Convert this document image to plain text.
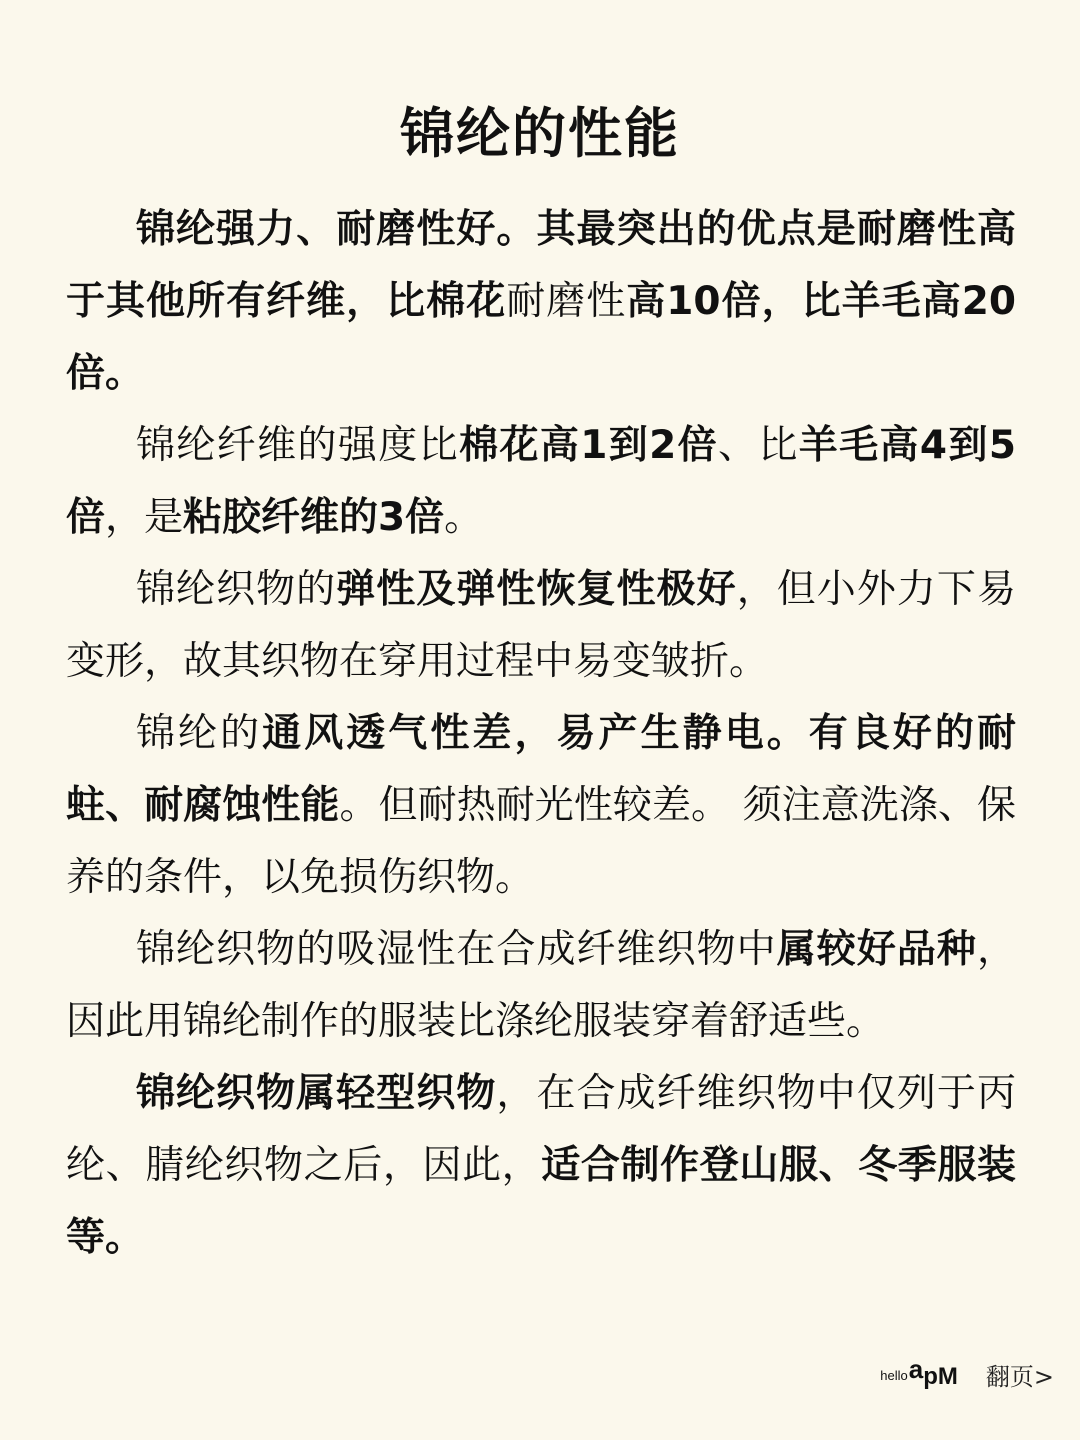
锦纶的性能

锦纶强力、耐磨性好。其最突出的优点是耐磨性高于其他所有纤维，比棉花耐磨性高10倍，比羊毛高20倍。

锦纶纤维的强度比棉花高1到2倍、比羊毛高4到5倍，是粘胶纤维的3倍。

锦纶织物的弹性及弹性恢复性极好，但小外力下易变形，故其织物在穿用过程中易变皱折。

锦纶的通风透气性差，易产生静电。有良好的耐蛀、耐腐蚀性能。但耐热耐光性较差。 须注意洗涤、保养的条件，以免损伤织物。

锦纶织物的吸湿性在合成纤维织物中属较好品种，因此用锦纶制作的服装比涤纶服装穿着舒适些。

锦纶织物属轻型织物，在合成纤维织物中仅列于丙纶、腈纶织物之后，因此，适合制作登山服、冬季服装等。

hello a pM 翻页>
